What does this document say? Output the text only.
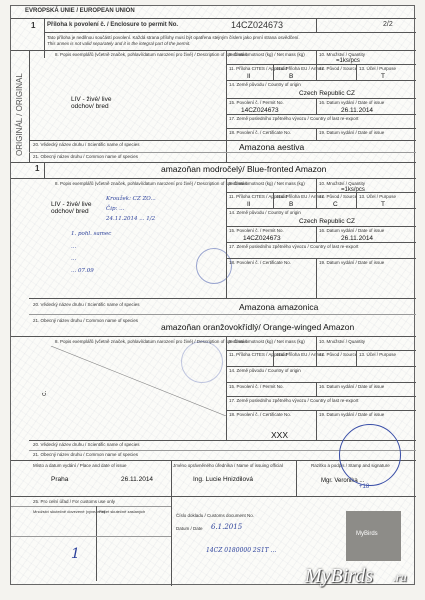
EVROPSKÁ UNIE / EUROPEAN UNION
1 Příloha k povolení č. / Enclosure to permit No.	14CZ024673	2/2
Tato příloha je nedílnou součástí povolení. Každá strana přílohy musí být opatřena stejným číslem jako první strana osvědčení.
This annex is not valid separately and it is the integral part of the permit.
ORIGINÁL / ORIGINAL
8. Popis exemplářů (včetně značek, pohlaví/datum narození pro živé) / Description of specimens
LIV - živé/ live odchov/ bred
9. Čistá hmotnost (kg) / Net mass (kg)	10. Množství / Quantity
=1ks/pcs
11. Příloha CITES / Appendix
II
11a. Příloha EU / Annex
B
12. Původ / Source 13. Účel / Purpose
T
14. Země původu / Country of origin
Czech Republic CZ
15. Povolení č. / Permit No.
14CZ024673
16. Datum vydání / Date of issue
26.11.2014
17. Země posledního zpětného vývozu / Country of last re-export
18. Povolení č. / Certificate No.	19. Datum vydání / Date of issue
20. Vědecký název druhu / Scientific name of species	Amazona aestiva
21. Obecný název druhu / Common name of species
1	amazoňan modročelý/ Blue-fronted Amazon
8. Popis exemplářů (včetně značek, pohlaví/datum narození pro živé) / Description of specimens
LIV - živé/ live odchov/ bred
Kroužek: CZ ZO...
Čip: ...
24.11.2014 ... 1/2
1. pohl. samec
...
...
... 07.09
9. Čistá hmotnost (kg) / Net mass (kg)	10. Množství / Quantity
=1ks/pcs
11. Příloha CITES / Appendix
II
11a. Příloha EU / Annex
B
12. Původ / Source
C
13. Účel / Purpose
T
14. Země původu / Country of origin
Czech Republic CZ
15. Povolení č. / Permit No.
14CZ024673
16. Datum vydání / Date of issue
26.11.2014
17. Země posledního zpětného vývozu / Country of last re-export
18. Povolení č. / Certificate No.	19. Datum vydání / Date of issue
20. Vědecký název druhu / Scientific name of species	Amazona amazonica
21. Obecný název druhu / Common name of species
amazoňan oranžovokřídlý/ Orange-winged Amazon
8. Popis exemplářů (včetně značek, pohlaví/datum narození pro živé) / Description of specimens
c.
9. Čistá hmotnost (kg) / Net mass (kg)	10. Množství / Quantity
11. Příloha CITES / Appendix
11a. Příloha EU / Annex
12. Původ / Source 13. Účel / Purpose
14. Země původu / Country of origin
15. Povolení č. / Permit No.	16. Datum vydání / Date of issue
17. Země posledního zpětného vývozu / Country of last re-export
18. Povolení č. / Certificate No.	19. Datum vydání / Date of issue
XXX
20. Vědecký název druhu / Scientific name of species
21. Obecný název druhu / Common name of species
Místo a datum vydání / Place and date of issue
Praha	26.11.2014
Jméno oprávněného úředníka / Name of issuing official
Ing. Lucie Hnizdilová
Razítko a podpis / Stamp and signature
Mgr. Veronika ...
+18
25. Pro celní úřad / For customs use only
Množství skutečně dovezené (vyvezené)
Počet skutečně zaslaných
1
Číslo dokladu / Customs document No.
Datum / Date 6.1.2015
14CZ 0180000 2S1T ...
MyBirds
MyBirds .ru
